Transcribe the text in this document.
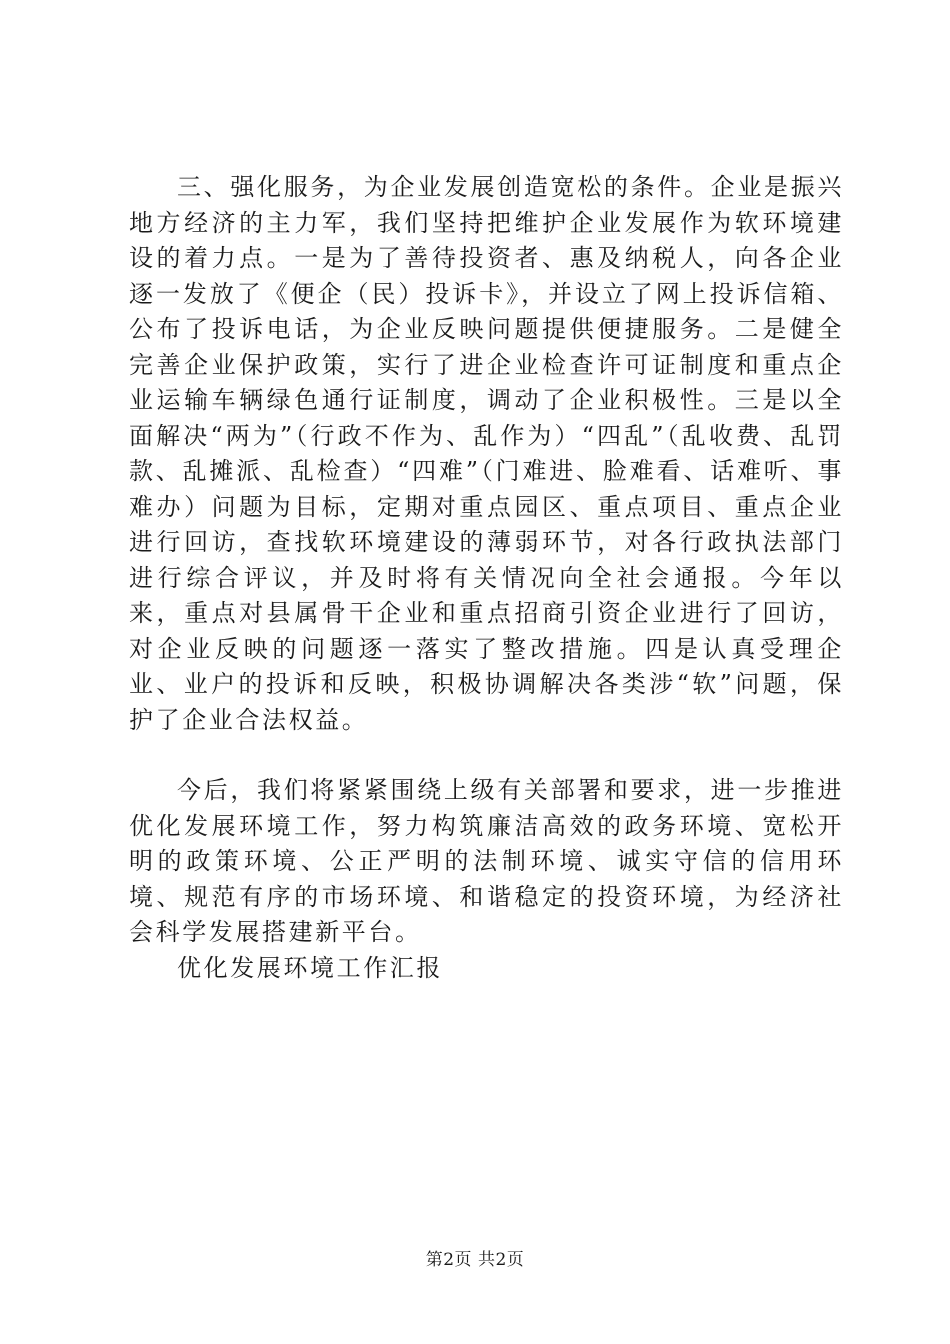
三、强化服务，为企业发展创造宽松的条件。企业是振兴地方经济的主力军，我们坚持把维护企业发展作为软环境建设的着力点。一是为了善待投资者、惠及纳税人，向各企业逐一发放了《便企（民）投诉卡》，并设立了网上投诉信箱、公布了投诉电话，为企业反映问题提供便捷服务。二是健全完善企业保护政策，实行了进企业检查许可证制度和重点企业运输车辆绿色通行证制度，调动了企业积极性。三是以全面解决“两为”（行政不作为、乱作为）“四乱”（乱收费、乱罚款、乱摊派、乱检查）“四难”（门难进、脸难看、话难听、事难办）问题为目标，定期对重点园区、重点项目、重点企业进行回访，查找软环境建设的薄弱环节，对各行政执法部门进行综合评议，并及时将有关情况向全社会通报。今年以来，重点对县属骨干企业和重点招商引资企业进行了回访，对企业反映的问题逐一落实了整改措施。四是认真受理企业、业户的投诉和反映，积极协调解决各类涉“软”问题，保护了企业合法权益。

今后，我们将紧紧围绕上级有关部署和要求，进一步推进优化发展环境工作，努力构筑廉洁高效的政务环境、宽松开明的政策环境、公正严明的法制环境、诚实守信的信用环境、规范有序的市场环境、和谐稳定的投资环境，为经济社会科学发展搭建新平台。

优化发展环境工作汇报

第2页 共2页
